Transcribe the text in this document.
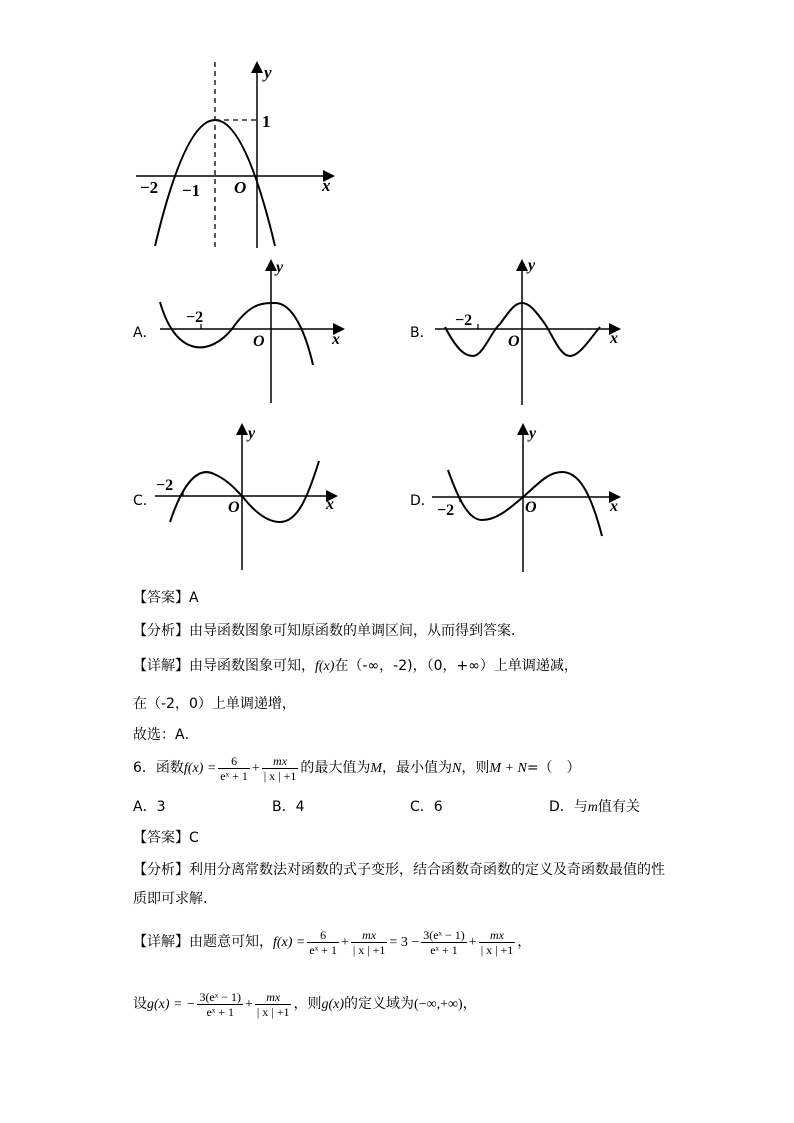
y
x
O
1
−2 −1
A．
y
x
O
−2
B．
y
x
O
−2
C．
y
x
O
−2
D．
y
x
O
−2
【答案】A
【分析】由导函数图象可知原函数的单调区间，从而得到答案．
【详解】由导函数图象可知，f(x)在（-∞，-2)，（0，+∞）上单调递减，
在（-2，0）上单调递增，
故选：A．
6．函数$f(x) = \frac{6}{\text{eˣ + 1}} + \frac{mx}{| x | +1}$ 的最大值为M，最小值为N，则M + N=（　）
A．3	B．4	C．6	D．与m值有关
【答案】C
【分析】利用分离常数法对函数的式子变形，结合函数奇函数的定义及奇函数最值的性
质即可求解.
【详解】由题意可知，$f(x) = \frac{6}{\text{eˣ + 1}} + \frac{mx}{| x | +1} = 3 - \frac{\text{3(eˣ − 1)}}{\text{eˣ + 1}} + \frac{mx}{| x | +1}$ ，
设g(x) = − $\frac{\text{3(eˣ − 1)}}{\text{eˣ + 1}} + \frac{mx}{| x | +1}$ ，则g(x)的定义域为(−∞,+∞)，
